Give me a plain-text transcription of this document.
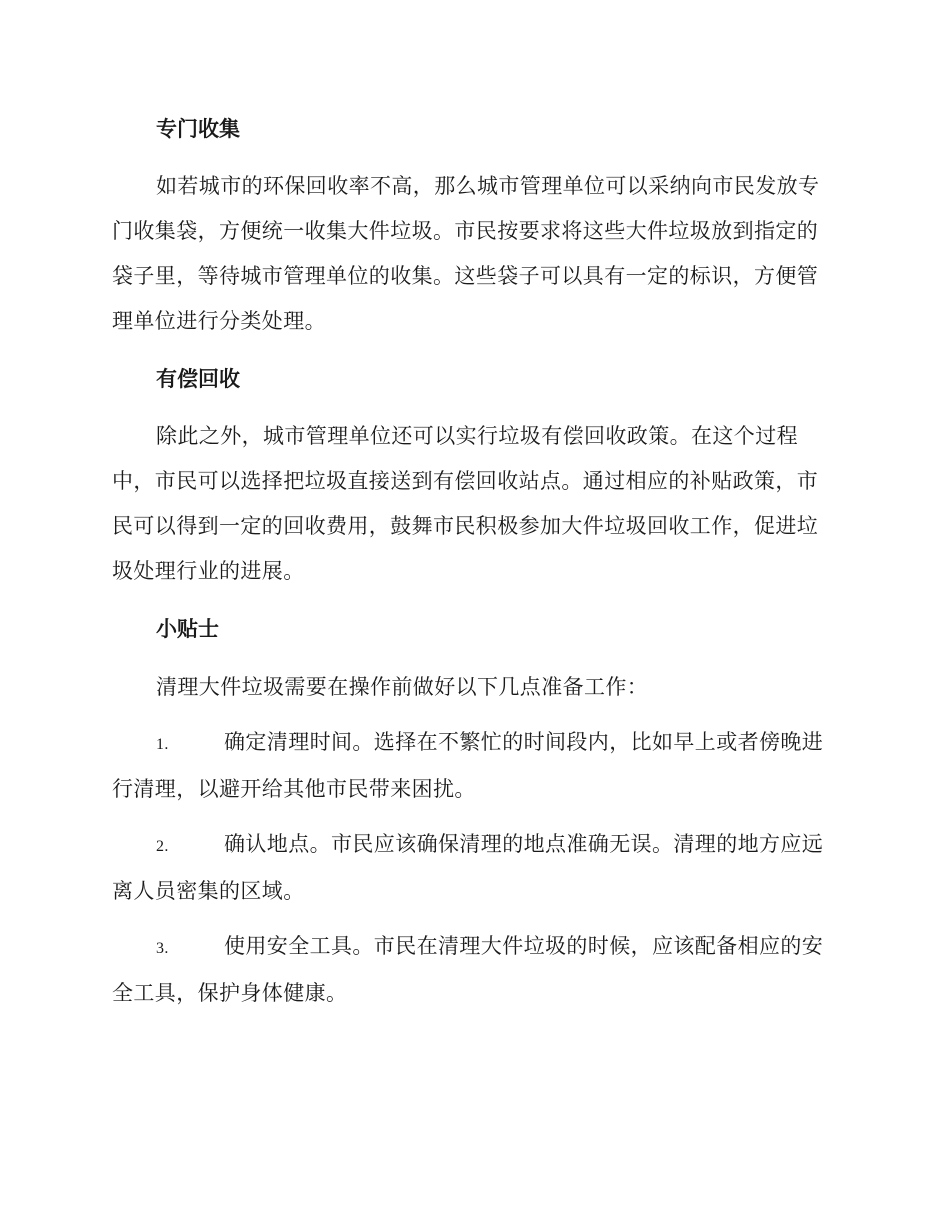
专门收集

如若城市的环保回收率不高，那么城市管理单位可以采纳向市民发放专门收集袋，方便统一收集大件垃圾。市民按要求将这些大件垃圾放到指定的袋子里，等待城市管理单位的收集。这些袋子可以具有一定的标识，方便管理单位进行分类处理。

有偿回收

除此之外，城市管理单位还可以实行垃圾有偿回收政策。在这个过程中，市民可以选择把垃圾直接送到有偿回收站点。通过相应的补贴政策，市民可以得到一定的回收费用，鼓舞市民积极参加大件垃圾回收工作，促进垃圾处理行业的进展。

小贴士

清理大件垃圾需要在操作前做好以下几点准备工作：

1.	确定清理时间。选择在不繁忙的时间段内，比如早上或者傍晚进行清理，以避开给其他市民带来困扰。

2.	确认地点。市民应该确保清理的地点准确无误。清理的地方应远离人员密集的区域。

3.	使用安全工具。市民在清理大件垃圾的时候，应该配备相应的安全工具，保护身体健康。
